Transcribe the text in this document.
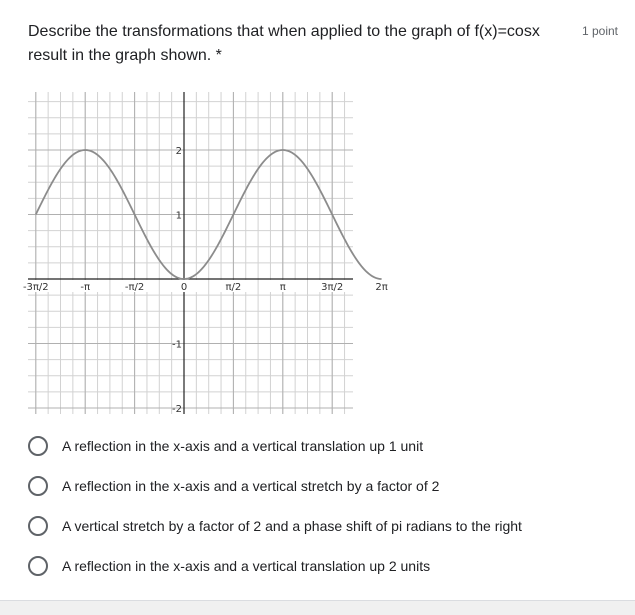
Describe the transformations that when applied to the graph of f(x)=cosx result in the graph shown. *
1 point
-3π/2	-π	-π/2	0	π/2	π	3π/2	2π
2
1
-1
-2
A reflection in the x-axis and a vertical translation up 1 unit
A reflection in the x-axis and a vertical stretch by a factor of 2
A vertical stretch by a factor of 2 and a phase shift of pi radians to the right
A reflection in the x-axis and a vertical translation up 2 units
